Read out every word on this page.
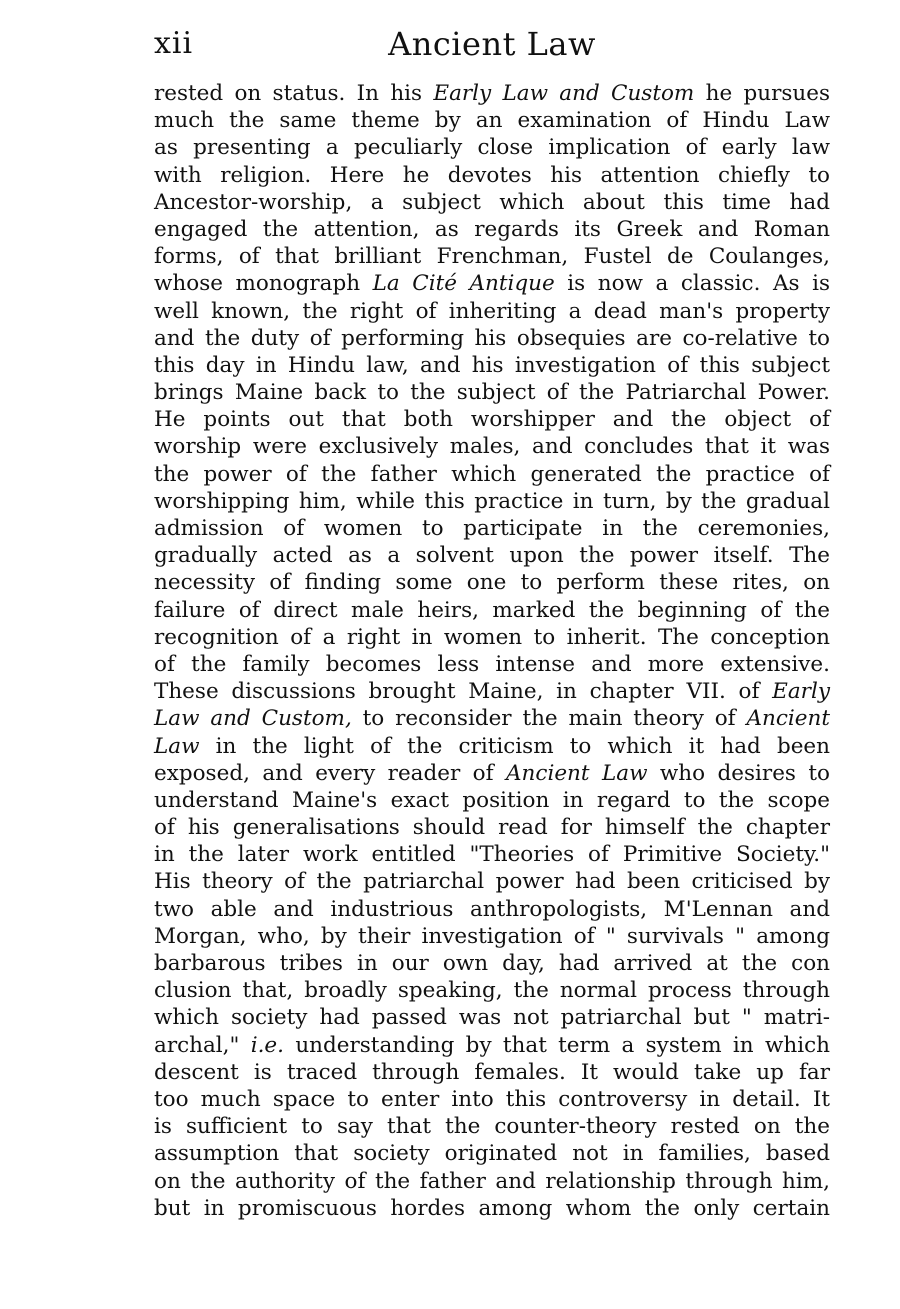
xii	Ancient Law
rested on status. In his Early Law and Custom he pursues
much the same theme by an examination of Hindu Law
as presenting a peculiarly close implication of early law
with religion. Here he devotes his attention chiefly to
Ancestor-worship, a subject which about this time had
engaged the attention, as regards its Greek and Roman
forms, of that brilliant Frenchman, Fustel de Coulanges,
whose monograph La Cité Antique is now a classic. As is
well known, the right of inheriting a dead man's property
and the duty of performing his obsequies are co-relative to
this day in Hindu law, and his investigation of this subject
brings Maine back to the subject of the Patriarchal Power.
He points out that both worshipper and the object of
worship were exclusively males, and concludes that it was
the power of the father which generated the practice of
worshipping him, while this practice in turn, by the gradual
admission of women to participate in the ceremonies,
gradually acted as a solvent upon the power itself. The
necessity of finding some one to perform these rites, on
failure of direct male heirs, marked the beginning of the
recognition of a right in women to inherit. The conception
of the family becomes less intense and more extensive.
These discussions brought Maine, in chapter VII. of Early
Law and Custom, to reconsider the main theory of Ancient
Law in the light of the criticism to which it had been
exposed, and every reader of Ancient Law who desires to
understand Maine's exact position in regard to the scope
of his generalisations should read for himself the chapter
in the later work entitled "Theories of Primitive Society."
His theory of the patriarchal power had been criticised by
two able and industrious anthropologists, M'Lennan and
Morgan, who, by their investigation of " survivals " among
barbarous tribes in our own day, had arrived at the con
clusion that, broadly speaking, the normal process through
which society had passed was not patriarchal but " matri-
archal," i.e. understanding by that term a system in which
descent is traced through females. It would take up far
too much space to enter into this controversy in detail. It
is sufficient to say that the counter-theory rested on the
assumption that society originated not in families, based
on the authority of the father and relationship through him,
but in promiscuous hordes among whom the only certain
